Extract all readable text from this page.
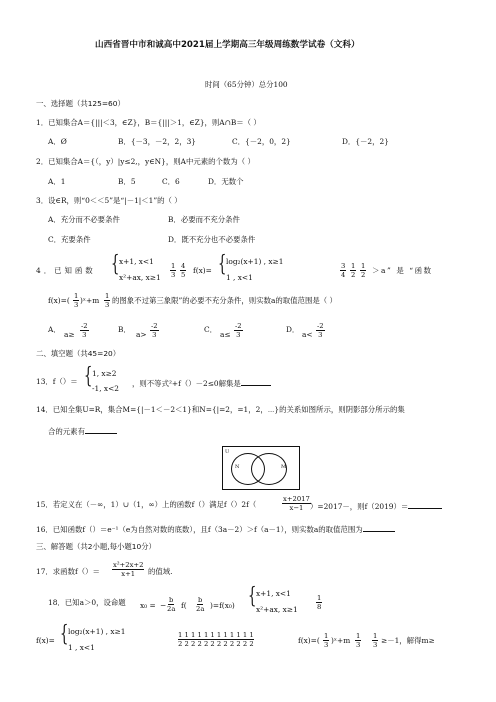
山西省晋中市和诚高中2021届上学期高三年级周练数学试卷（文科）
时间（65分钟）总分100
一、选择题（共125=60）
1．已知集合A＝{|||＜3，∈Z}，B＝{|||＞1，∈Z}，则A∩B＝（ ）
A．Ø	B．{－3，－2，2，3}	C．{－2，0，2}	D．{－2，2}
2．已知集合A＝{（，y）|y≤2,，y∈N}，则A中元素的个数为（ ）
A．1	B．5	C．6	D．无数个
3．设∈R，则“0＜＜5”是“|－1|＜1”的（ ）
A．充分而不必要条件	B．必要而不充分条件
C．充要条件	D．既不充分也不必要条件
4．已知函数 { x+1, x<1
x²+ax, $x\ge 1 \frac{1}{3} \frac{4}{5} f(x)=$ { log₂(x+1) , x≥1
1 , x<1	$\frac{3}{4} \frac{1}{2} \frac{1}{2} >a$” 是 “函数
$f(x)=( \frac{1}{3}$ )ˣ+m $\frac{1}{3}$ 的图象不过第三象限”的必要不充分条件，则实数a的取值范围是（ ）
A．
$a\ge \frac{-2}{3}$	B．
$a> \frac{-2}{3}$	C．
$a\le \frac{-2}{3}$	D．
$a< \frac{-2}{3}$
二、填空题（共45=20）
13．f（）＝ { 1, x≥2
-1, x<2
，则不等式²+f（）－2≤0解集是
14．已知全集U=R，集合M={|－1＜－2＜1}和N={|=2，=1，2，⋯}的关系如图所示，则阴影部分所示的集
合的元素有
U
N	M
15．若定义在（－∞，1）∪（1，∞）上的函数f（）满足f（）2f（	$\frac{x+2017}{x-1} )=2017-$，则f（2019）＝
16．已知函数f（）＝e⁻¹（e为自然对数的底数），且f（3a－2）＞f（a－1），则实数a的取值范围为
三、解答题（共2小题,每小题10分）
17．求函数$f()= \frac{\text{x²+2x+2}}{x+1}$ 的值域.
18．已知a＞0，设命题 x₀ = − $\frac{b}{2a} f( \frac{b}{2a} )=f(x_0)$ { x+1, x<1
x²+ax, x≥1	$\frac{1}{8}$
f(x)= { log₂(x+1) , x≥1
1 , x<1
1 1 1 1 1 1 1 1 1 1 1 1
2 2 2 2 2 2 2 2 2 2 2 2	$f(x)=( \frac{1}{3}$ )ˣ+m $\frac{1}{3} \frac{1}{3} \ge-1$，解得m≥
